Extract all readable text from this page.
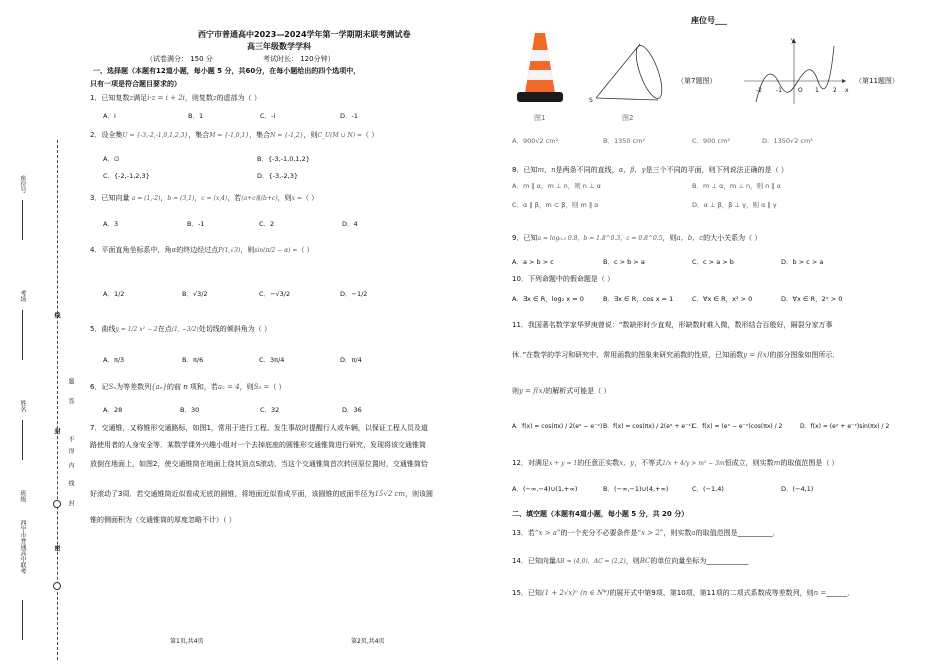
座位号
考场
姓名
班级
西宁市普通高中联考
线
题
答
封
不
得
内
线
封
密
西宁市普通高中2023—2024学年第一学期期末联考测试卷
高三年级数学学科
（试卷满分： 150 分	考试时长： 120分钟）
座位号___
一、选择题（本题有12道小题，每小题 5 分，共60分，在每小题给出的四个选项中，
只有一项是符合题目要求的）
1．已知复数z满足i·z = i + 2i，则复数z的虚部为（ ）
A．i	B．1	C．-i	D．-1
2．设全集U = {-3,-2,-1,0,1,2,3}，集合M = {-1,0,1}，集合N = {-1,2}，则C_U(M ∪ N) =（ ）
A．∅	B．{-3,-1,0,1,2}
C．{-2,-1,2,3}	D．{-3,-2,3}
3．已知向量 a = (1,-2)，b = (3,1)，c = (x,4)，若(a+c)∥(b+c)，则x =（ ）
A．3	B．-1	C．2	D．4
4．平面直角坐标系中，角α的终边经过点P(1,√3)，则sin(π/2 − α) =（ ）
A．1/2	B．√3/2	C．−√3/2	D．−1/2
5．曲线y = 1/2 x² − 2在点(1, −3/2)处切线的倾斜角为（ ）
A．π/3	B．π/6	C．3π/4	D．π/4
6．记Sₙ为等差数列{aₙ}的前 n 项和，若a₂ = 4，则S₅ =（ ）
A．28	B．30	C．32	D．36
7．交通锥，又称锥形交通路标，如图1，常用于进行工程、发生事故时提醒行人或车辆，以保证工程人员及道
路使用者的人身安全等．某数学课外兴趣小组对一个去掉底座的圆锥形交通锥筒进行研究，发现将该交通锥筒
放倒在地面上，如图2，使交通锥筒在地面上绕其顶点S滚动，当这个交通锥筒首次转回原位置时，交通锥筒恰
好滚动了3周．若交通锥筒近似看成无底的圆锥，将地面近似看成平面，该圆锥的底面半径为15√2 cm，则该圆
锥的侧面积为（交通锥筒的厚度忽略不计）（ ）
图1
S
图2
（第7题图）
A．900√2 cm²	B．1350 cm²	C．900 cm²	D．1350√2 cm²
y
x
O
-2 -1	1 2
（第11题图）
8．已知m，n是两条不同的直线，α，β，γ是三个不同的平面，则下列说法正确的是（ ）
A．m ∥ α，m ⊥ n，则 n ⊥ α	B．m ⊥ α，m ⊥ n，则 n ∥ α
C．α ∥ β，m ⊂ β，则 m ∥ α	D．α ⊥ β，β ⊥ γ，则 α ∥ γ
9．已知a = log₀.₅ 0.8，b = 1.8^0.3，c = 0.8^0.5，则a，b，c的大小关系为（ ）
A．a > b > c	B．c > b > a	C．c > a > b	D．b > c > a
10．下列命题中的假命题是（ ）
A．∃x ∈ R，log₂ x = 0	B．∃x ∈ R，cos x = 1	C．∀x ∈ R，x² > 0	D．∀x ∈ R，2ˣ > 0
11．我国著名数学家华罗庚曾说：“数缺形时少直观，形缺数时难入微，数形结合百般好，隔裂分家万事
休．”在数学的学习和研究中，常用函数的图象来研究函数的性质，已知函数y = f(x)的部分图象如图所示．
则y = f(x)的解析式可能是（ ）
A．f(x) = cos(πx) / 2(eˣ − e⁻ˣ) B．f(x) = cos(πx) / 2(eˣ + e⁻ˣ)
C．f(x) = (eˣ − e⁻ˣ)cos(πx) / 2	D．f(x) = (eˣ + e⁻ˣ)sin(πx) / 2
12．对满足x + y = 1的任意正实数x，y，不等式1/x + 4/y > m² − 3m恒成立，则实数m的取值范围是（ ）
A．(−∞,−4)∪(1,+∞)	B．(−∞,−1)∪(4,+∞)	C．(−1,4)	D．(−4,1)
二、填空题（本题有4道小题，每小题 5 分，共 20 分）
13．若“x > a”的一个充分不必要条件是“x > 2”，则实数a的取值范围是__________．
14．已知向量AB = (4,0)，AC = (2,2)，则BC的单位向量坐标为____________
15．已知(1 + 2√x)ⁿ (n ∈ N*)的展开式中第9项、第10项、第11项的二项式系数成等差数列，则n =______．
第1页,共4页	第2页,共4页
